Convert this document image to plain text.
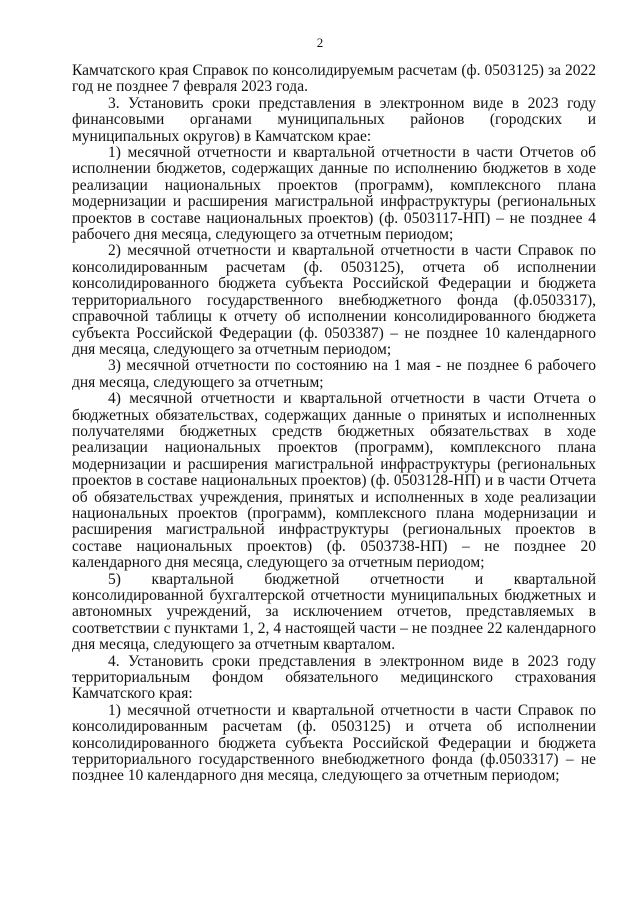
2

Камчатского края Справок по консолидируемым расчетам (ф. 0503125) за 2022 год не позднее 7 февраля 2023 года.

3. Установить сроки представления в электронном виде в 2023 году финансовыми органами муниципальных районов (городских и муниципальных округов) в Камчатском крае:

1) месячной отчетности и квартальной отчетности в части Отчетов об исполнении бюджетов, содержащих данные по исполнению бюджетов в ходе реализации национальных проектов (программ), комплексного плана модернизации и расширения магистральной инфраструктуры (региональных проектов в составе национальных проектов) (ф. 0503117-НП) – не позднее 4 рабочего дня месяца, следующего за отчетным периодом;

2) месячной отчетности и квартальной отчетности в части Справок по консолидированным расчетам (ф. 0503125), отчета об исполнении консолидированного бюджета субъекта Российской Федерации и бюджета территориального государственного внебюджетного фонда (ф.0503317), справочной таблицы к отчету об исполнении консолидированного бюджета субъекта Российской Федерации (ф. 0503387) – не позднее 10 календарного дня месяца, следующего за отчетным периодом;

3) месячной отчетности по состоянию на 1 мая - не позднее 6 рабочего дня месяца, следующего за отчетным;

4) месячной отчетности и квартальной отчетности в части Отчета о бюджетных обязательствах, содержащих данные о принятых и исполненных получателями бюджетных средств бюджетных обязательствах в ходе реализации национальных проектов (программ), комплексного плана модернизации и расширения магистральной инфраструктуры (региональных проектов в составе национальных проектов) (ф. 0503128-НП) и в части Отчета об обязательствах учреждения, принятых и исполненных в ходе реализации национальных проектов (программ), комплексного плана модернизации и расширения магистральной инфраструктуры (региональных проектов в составе национальных проектов) (ф. 0503738-НП) – не позднее 20 календарного дня месяца, следующего за отчетным периодом;

5) квартальной бюджетной отчетности и квартальной консолидированной бухгалтерской отчетности муниципальных бюджетных и автономных учреждений, за исключением отчетов, представляемых в соответствии с пунктами 1, 2, 4 настоящей части – не позднее 22 календарного дня месяца, следующего за отчетным кварталом.

4. Установить сроки представления в электронном виде в 2023 году территориальным фондом обязательного медицинского страхования Камчатского края:

1) месячной отчетности и квартальной отчетности в части Справок по консолидированным расчетам (ф. 0503125) и отчета об исполнении консолидированного бюджета субъекта Российской Федерации и бюджета территориального государственного внебюджетного фонда (ф.0503317) – не позднее 10 календарного дня месяца, следующего за отчетным периодом;
